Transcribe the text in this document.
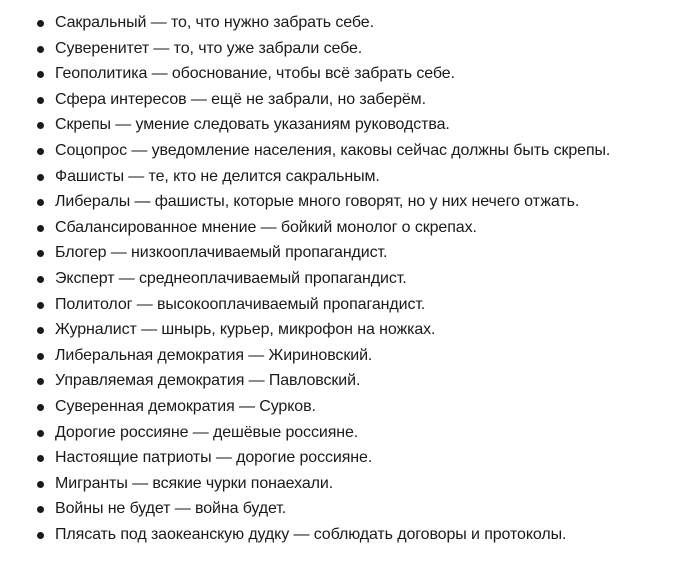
Сакральный — то, что нужно забрать себе.
Суверенитет — то, что уже забрали себе.
Геополитика — обоснование, чтобы всё забрать себе.
Сфера интересов — ещё не забрали, но заберём.
Скрепы — умение следовать указаниям руководства.
Соцопрос — уведомление населения, каковы сейчас должны быть скрепы.
Фашисты — те, кто не делится сакральным.
Либералы — фашисты, которые много говорят, но у них нечего отжать.
Сбалансированное мнение — бойкий монолог о скрепах.
Блогер — низкооплачиваемый пропагандист.
Эксперт — среднеоплачиваемый пропагандист.
Политолог — высокооплачиваемый пропагандист.
Журналист — шнырь, курьер, микрофон на ножках.
Либеральная демократия — Жириновский.
Управляемая демократия — Павловский.
Суверенная демократия — Сурков.
Дорогие россияне — дешёвые россияне.
Настоящие патриоты — дорогие россияне.
Мигранты — всякие чурки понаехали.
Войны не будет — война будет.
Плясать под заокеанскую дудку — соблюдать договоры и протоколы.
